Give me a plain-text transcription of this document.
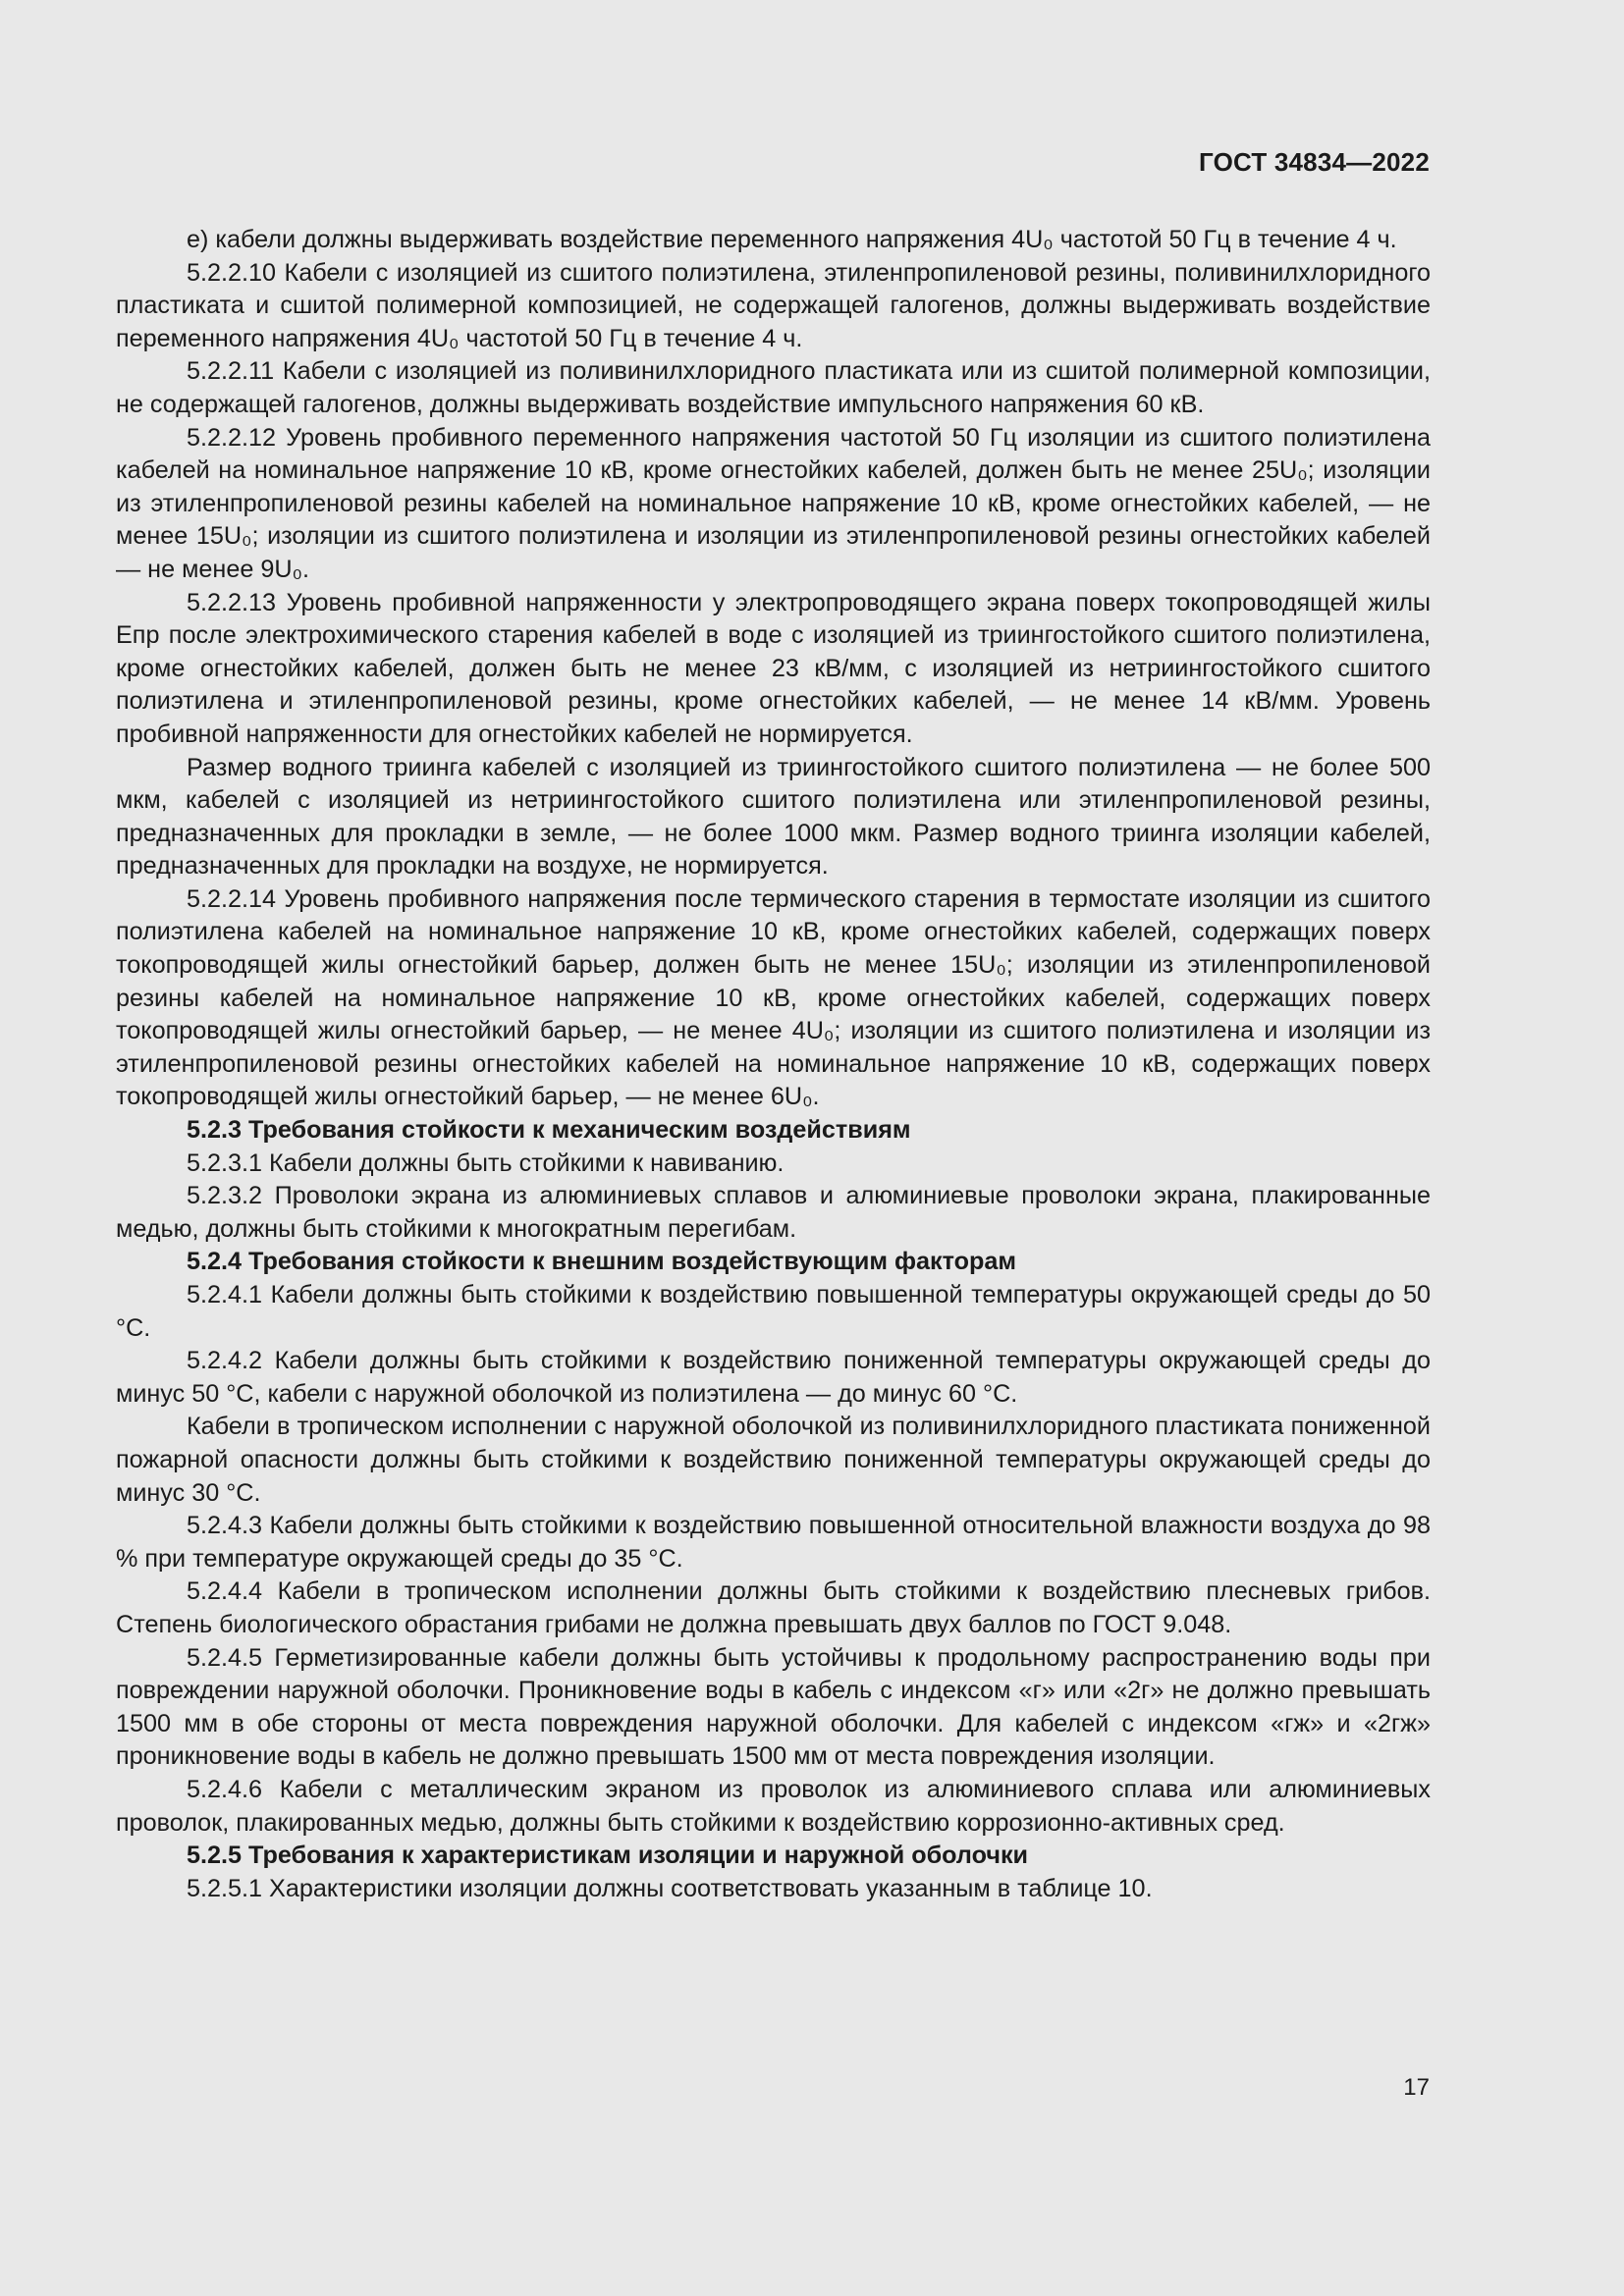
ГОСТ 34834—2022

е) кабели должны выдерживать воздействие переменного напряжения 4U₀ частотой 50 Гц в течение 4 ч.

5.2.2.10 Кабели с изоляцией из сшитого полиэтилена, этиленпропиленовой резины, поливинилхлоридного пластиката и сшитой полимерной композицией, не содержащей галогенов, должны выдерживать воздействие переменного напряжения 4U₀ частотой 50 Гц в течение 4 ч.

5.2.2.11 Кабели с изоляцией из поливинилхлоридного пластиката или из сшитой полимерной композиции, не содержащей галогенов, должны выдерживать воздействие импульсного напряжения 60 кВ.

5.2.2.12 Уровень пробивного переменного напряжения частотой 50 Гц изоляции из сшитого полиэтилена кабелей на номинальное напряжение 10 кВ, кроме огнестойких кабелей, должен быть не менее 25U₀; изоляции из этиленпропиленовой резины кабелей на номинальное напряжение 10 кВ, кроме огнестойких кабелей, — не менее 15U₀; изоляции из сшитого полиэтилена и изоляции из этиленпропиленовой резины огнестойких кабелей — не менее 9U₀.

5.2.2.13 Уровень пробивной напряженности у электропроводящего экрана поверх токопроводящей жилы Eпр после электрохимического старения кабелей в воде с изоляцией из триингостойкого сшитого полиэтилена, кроме огнестойких кабелей, должен быть не менее 23 кВ/мм, с изоляцией из нетриингостойкого сшитого полиэтилена и этиленпропиленовой резины, кроме огнестойких кабелей, — не менее 14 кВ/мм. Уровень пробивной напряженности для огнестойких кабелей не нормируется.

Размер водного триинга кабелей с изоляцией из триингостойкого сшитого полиэтилена — не более 500 мкм, кабелей с изоляцией из нетриингостойкого сшитого полиэтилена или этиленпропиленовой резины, предназначенных для прокладки в земле, — не более 1000 мкм. Размер водного триинга изоляции кабелей, предназначенных для прокладки на воздухе, не нормируется.

5.2.2.14 Уровень пробивного напряжения после термического старения в термостате изоляции из сшитого полиэтилена кабелей на номинальное напряжение 10 кВ, кроме огнестойких кабелей, содержащих поверх токопроводящей жилы огнестойкий барьер, должен быть не менее 15U₀; изоляции из этиленпропиленовой резины кабелей на номинальное напряжение 10 кВ, кроме огнестойких кабелей, содержащих поверх токопроводящей жилы огнестойкий барьер, — не менее 4U₀; изоляции из сшитого полиэтилена и изоляции из этиленпропиленовой резины огнестойких кабелей на номинальное напряжение 10 кВ, содержащих поверх токопроводящей жилы огнестойкий барьер, — не менее 6U₀.

5.2.3 Требования стойкости к механическим воздействиям

5.2.3.1 Кабели должны быть стойкими к навиванию.

5.2.3.2 Проволоки экрана из алюминиевых сплавов и алюминиевые проволоки экрана, плакированные медью, должны быть стойкими к многократным перегибам.

5.2.4 Требования стойкости к внешним воздействующим факторам

5.2.4.1 Кабели должны быть стойкими к воздействию повышенной температуры окружающей среды до 50 °С.

5.2.4.2 Кабели должны быть стойкими к воздействию пониженной температуры окружающей среды до минус 50 °С, кабели с наружной оболочкой из полиэтилена — до минус 60 °С.

Кабели в тропическом исполнении с наружной оболочкой из поливинилхлоридного пластиката пониженной пожарной опасности должны быть стойкими к воздействию пониженной температуры окружающей среды до минус 30 °С.

5.2.4.3 Кабели должны быть стойкими к воздействию повышенной относительной влажности воздуха до 98 % при температуре окружающей среды до 35 °С.

5.2.4.4 Кабели в тропическом исполнении должны быть стойкими к воздействию плесневых грибов. Степень биологического обрастания грибами не должна превышать двух баллов по ГОСТ 9.048.

5.2.4.5 Герметизированные кабели должны быть устойчивы к продольному распространению воды при повреждении наружной оболочки. Проникновение воды в кабель с индексом «г» или «2г» не должно превышать 1500 мм в обе стороны от места повреждения наружной оболочки. Для кабелей с индексом «гж» и «2гж» проникновение воды в кабель не должно превышать 1500 мм от места повреждения изоляции.

5.2.4.6 Кабели с металлическим экраном из проволок из алюминиевого сплава или алюминиевых проволок, плакированных медью, должны быть стойкими к воздействию коррозионно-активных сред.

5.2.5 Требования к характеристикам изоляции и наружной оболочки

5.2.5.1 Характеристики изоляции должны соответствовать указанным в таблице 10.

17
